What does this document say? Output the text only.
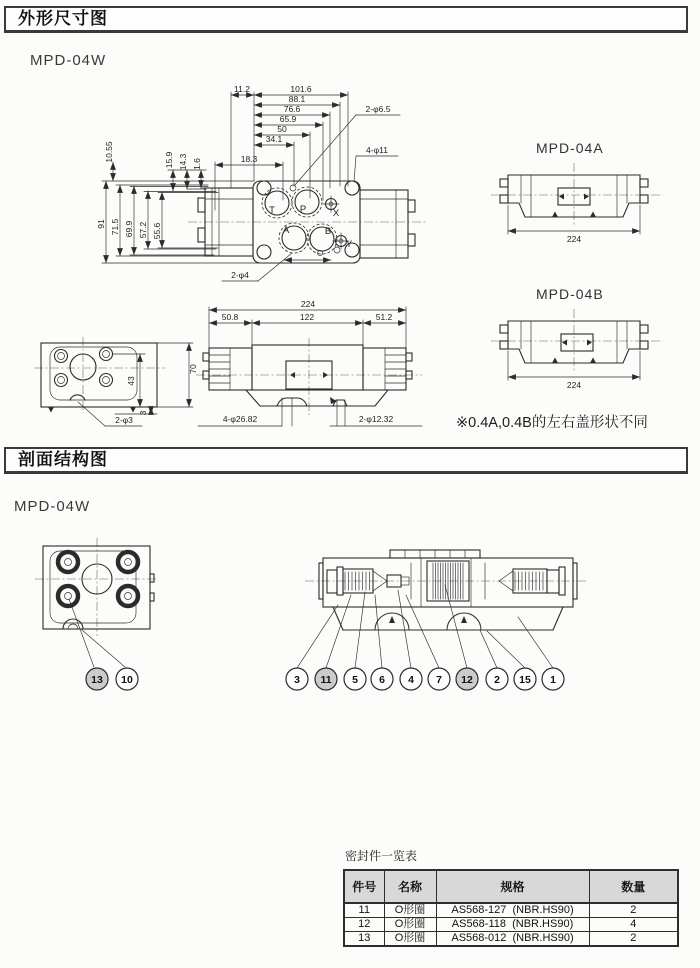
外形尺寸图
MPD-04W
11.2	101.6
88.1
76.6
65.9
50
34.1
18.3
10.55	15.9 14.3 1.6
91 71.5 69.9 57.2 55.6
T	P	X
A	B
Y
2-φ6.5
4-φ11
2-φ4
MPD-04A
224
MPD-04B
224
※0.4A,0.4B的左右盖形状不同
70
43
3
2-φ3
224
50.8	122	51.2
4-φ26.82	2-φ12.32
剖面结构图
MPD-04W
13 10	3 11 5 6 4 7 12 2 15 1
密封件一览表
件号	名称	规格	数量
11	O形圈	AS568-127  (NBR.HS90)	2
12	O形圈	AS568-118  (NBR.HS90)	4
13	O形圈	AS568-012  (NBR.HS90)	2
